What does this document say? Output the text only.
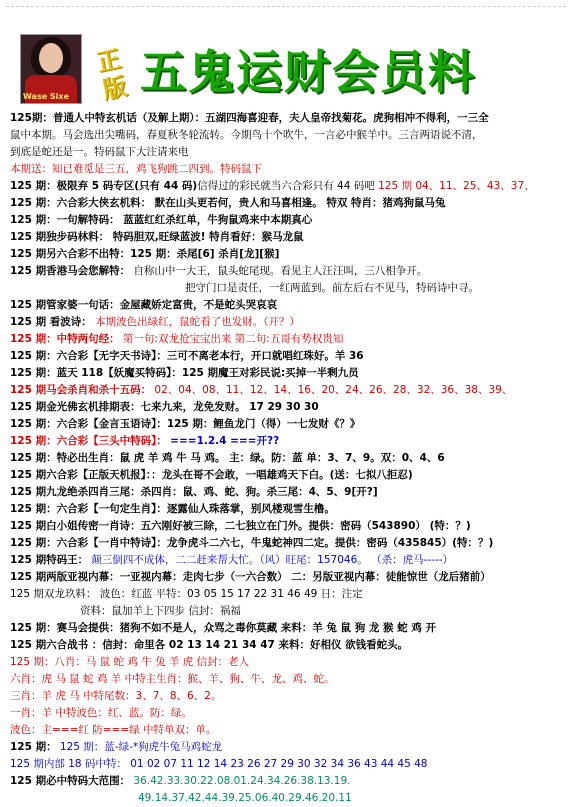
Wase Sixe
正版 五鬼运财会员料
125期：普通人中特玄机话（及解上期）：五湖四海喜迎春，夫人皇帝找菊花。虎狗相冲不得利，一三全
鼠中本期。马会选出尖嘴码，春夏秋冬轮流转。今期鸟十个吹牛，一言必中猴羊中。三言两语说不清，
到底是蛇还是一。特码鼠下大注请来电
本期送：知已难觅是三五，鸡飞狗跳二四到。特码鼠下
125 期：极限弃 5 码专区(只有 44 码)信得过的彩民就当六合彩只有 44 码吧 125 期 04、11、25、43、37、
125 期：六合彩大侠玄机料： 默在山头更若何，贵人和马喜相逢。 特双 特肖：猪鸡狗鼠马兔
125 期：一句解特码： 蓝蓝红红杀红单，牛狗鼠鸡来中本期真心
125 期独步码林料： 特码胆双,旺绿蓝波! 特肖看好：猴马龙鼠
125 期另六合彩不出特：125 期：杀尾[6] 杀肖[龙][猴]
125 期香港马会您解特： 自称山中一大王，鼠头蛇尾现。看见主人汪汪叫，三八相争开。
把守门口是责任，一红两蓝到。前左后右不见马，特码诗中寻。
125 期管家婆一句话：金屋藏娇定富贵，不是蛇头哭哀哀
125 期 看波诗： 本期波色出绿红，鼠蛇看了也发财。（开？）
125 期：中特两句经： 第一句:双龙抢宝宝出来 第二句:五哥有势权贵知
125 期：六合彩【无字天书诗】：三可不离老本行，开口就唱红珠好。羊 36
125 期：蓝天 118【妖魔买特码】：125 期魔王对彩民说:买掉一半剩九员
125 期马会杀肖和杀十五码： 02、04、08、11、12、14、16、20、24、26、28、32、36、38、39、
125 期金光佛玄机排期表：七来九来，龙免发财。 17 29 30 30
125 期：六合彩【金言玉语诗】：125 期：鲤鱼龙门（得）一七发财《？》
125 期：六合彩【三头中特码】： ===1.2.4 ===开??
125 期：特必出生肖：鼠 虎 羊 鸡 牛 马 鸡。 主：绿。防：蓝 单：3、7、9。双：0、4、6
125 期六合彩【正版天机报】：：龙头在哥不会敢，一唱雄鸡天下白。(送：七拟八拒忍)
125 期九龙绝杀四肖三尾：杀四肖：鼠、鸡、蛇、狗。杀三尾：4、5、9[开?]
125 期：六合彩【一句定生肖】：逐露仙人珠落掌，别风楼观雪生橹。
125 期白小姐传密一肖诗：五六刚好被三除，二七独立在门外。提供：密码（543890） (特：？)
125 期：六合彩【一肖中特诗】：龙争虎斗二六七，牛鬼蛇神四二定。提供：密码（435845）(特：？)
125 期特码王： 颠三倒四不成体，二二赶来帮大忙。（风）旺尾：157046。 （杀：虎马-----）
125 期两版亚视内幕：一亚视内幕：走肉七步（一六合数） 二：另版亚视内幕：徒能惊世（龙后猪前）
125 期双龙玖料： 波色：红蓝 平特：03 05 15 17 22 31 46 49 日：注定
资料：鼠加羊上下四步 信封：祸福
125 期：赛马会提供：猪狗不如不是人，众骂之毒你莫藏 来料：羊 兔 鼠 狗 龙 猴 蛇 鸡 开
125 期六合战书 ：信封：命里各 02 13 14 21 34 47 来料：好相仪 欲钱看蛇头。
125 期：八肖：马 鼠 蛇 鸡 牛 兔 羊 虎 信封：老人
六肖：虎 马 鼠 蛇 鸡 羊 中特主生肖：猴、羊、狗、牛、龙、鸡、蛇。
三肖：羊 虎 马 中特尾数：3、7、8、6、2。
一肖：羊 中特波色：红、蓝。防：绿。
波色：主===红 防===绿 中特单双：单。
125 期： 125 期：蓝-绿-*狗虎牛兔马鸡蛇龙
125 期内部 18 码中特： 01 02 07 11 12 14 23 26 27 29 30 32 34 36 43 44 45 48
125 期必中特码大范围： 36.42.33.30.22.08.01.24.34.26.38.13.19.
49.14.37.42.44.39.25.06.40.29.46.20.11
